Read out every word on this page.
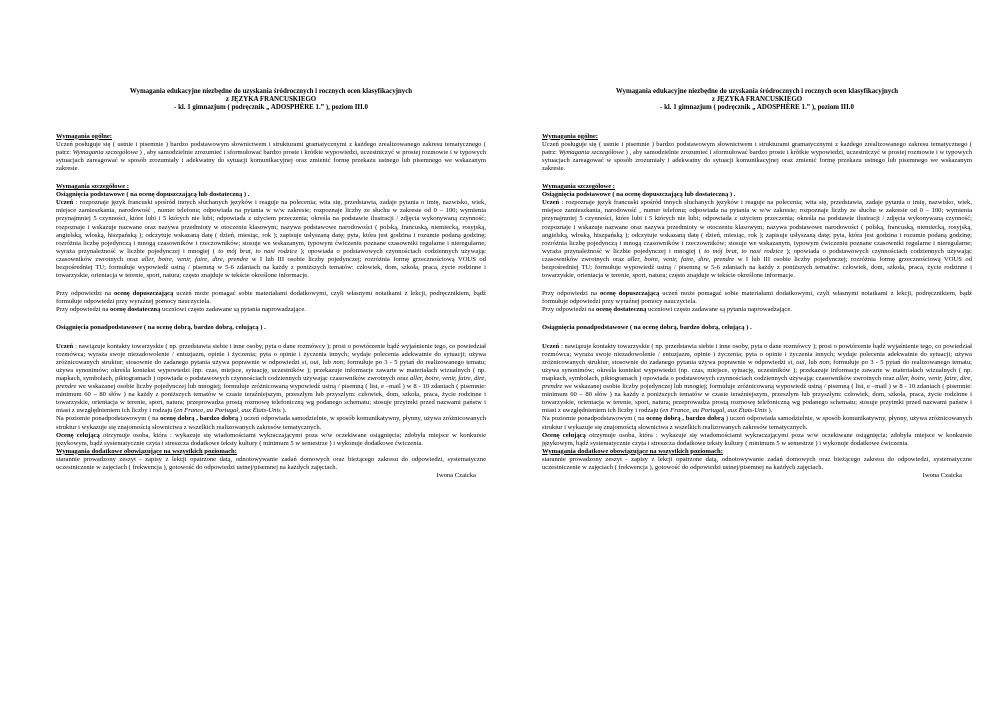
Wymagania edukacyjne niezbędne do uzyskania śródrocznych i rocznych ocen klasyfikacyjnych
z JĘZYKA FRANCUSKIEGO
- kl. 1 gimnazjum ( podręcznik „ ADOSPHÈRE 1.” ), poziom III.0
Wymagania ogólne:

Uczeń posługuje się ( ustnie i pisemnie ) bardzo podstawowym słownictwem i strukturami gramatycznymi z każdego zrealizowanego zakresu tematycznego ( patrz: Wymagania szczegółowe ) , aby samodzielnie zrozumieć i sformułować bardzo proste i krótkie wypowiedzi, uczestniczyć w prostej rozmowie i w typowych sytuacjach zareagować w sposób zrozumiały i adekwatny do sytuacji komunikacyjnej oraz zmienić formę przekazu ustnego lub pisemnego we wskazanym zakresie.

Wymagania szczegółowe :
Osiągnięcia podstawowe ( na ocenę dopuszczającą lub dostateczną ) .

Uczeń : rozpoznaje język francuski spośród innych słuchanych języków i reaguje na polecenia; wita się, przedstawia, zadaje pytania o imię, nazwisko, wiek, miejsce zamieszkania, narodowość , numer telefonu; odpowiada na pytania w w/w zakresie; rozpoznaje liczby ze słuchu w zakresie od 0 – 100; wymienia przynajmniej 5 czynności, które lubi i 5 których nie lubi; odpowiada z użyciem przeczenia; określa na podstawie ilustracji / zdjęcia wykonywaną czynność; rozpoznaje i wskazuje nazwane oraz nazywa przedmioty w otoczeniu klasowym; nazywa podstawowe narodowości ( polską, francuską, niemiecką, rosyjską, angielską, włoską, hiszpańską ); odczytuje wskazaną datę ( dzień, miesiąc, rok ); zapisuje usłyszaną datę; pyta, która jest godzina i rozumie podaną godzinę; rozróżnia liczbę pojedynczą i mnogą czasowników i rzeczowników; stosuje we wskazanym, typowym ćwiczeniu poznane czasowniki regularne i nieregularne; wyraża przynależność w liczbie pojedynczej i mnogiej ( to mój brat, to nasi rodzice ); opowiada o podstawowych czynnościach codziennych używając czasowników zwrotnych oraz aller, boire, venir, faire, dire, prendre w I lub III osobie liczby pojedynczej; rozróżnia formę grzecznościową VOUS od bezpośredniej TU; formułuje wypowiedź ustną / pisemną w 5-6 zdaniach na każdy z poniższych tematów: człowiek, dom, szkoła, praca, życie rodzinne i towarzyskie, orientacja w terenie, sport, natura; często znajduje w tekście określone informacje.

Przy odpowiedzi na ocenę dopuszczającą uczeń może pomagać sobie materiałami dodatkowymi, czyli własnymi notatkami z lekcji, podręcznikiem, bądź formułuje odpowiedzi przy wyraźnej pomocy nauczyciela.

Przy odpowiedzi na ocenę dostateczną uczniowi często zadawane są pytania naprowadzające.

Osiągnięcia ponadpodstawowe ( na ocenę dobrą, bardzo dobrą, celującą ) .

Uczeń : nawiązuje kontakty towarzyskie ( np. przedstawia siebie i inne osoby, pyta o dane rozmówcy ); prosi o powtórzenie bądź wyjaśnienie tego, co powiedział rozmówca; wyraża swoje niezadowolenie / entuzjazm, opinie i życzenia; pyta o opinie i życzenia innych; wydaje polecenia adekwatnie do sytuacji; używa zróżnicowanych struktur; stosownie do zadanego pytania używa poprawnie w odpowiedzi si, oui, lub non; formułuje po 3 - 5 pytań do realizowanego tematu; używa synonimów; określa kontekst wypowiedzi (np. czas, miejsce, sytuację, uczestników ); przekazuje informacje zawarte w materiałach wizualnych ( np. mapkach, symbolach, piktogramach ) opowiada o podstawowych czynnościach codziennych używając czasowników zwrotnych oraz aller, boire, venir, faire, dire, prendre we wskazanej osobie liczby pojedynczej lub mnogiej; formułuje zróżnicowaną wypowiedź ustną / pisemną ( list, e –mail ) w 8 - 10 zdaniach ( pisemnie: minimum 60 – 80 słów ) na każdy z poniższych tematów w czasie teraźniejszym, przeszłym lub przyszłym: człowiek, dom, szkoła, praca, życie rodzinne i towarzyskie, orientacja w terenie, sport, natura; przeprowadza prostą rozmowę telefoniczną wg podanego schematu; stosuje przyimki przed nazwami państw i miast z uwzględnieniem ich liczby i rodzaju (en France, au Portugal, aux États-Unis ).

Na poziomie ponadpodstawowym ( na ocenę dobrą , bardzo dobrą ) uczeń odpowiada samodzielnie, w sposób komunikatywny, płynny, używa zróżnicowanych struktur i wykazuje się znajomością słownictwa z wszelkich realizowanych zakresów tematycznych.

Ocenę celującą otrzymuje osoba, która : wykazuje się wiadomościami wykraczającymi poza w/w oczekiwane osiągnięcia; zdobyła miejsce w konkursie językowym, bądź systematycznie czyta i streszcza dodatkowe teksty kultury ( minimum 5 w semestrze ) i wykonuje dodatkowe ćwiczenia.

Wymagania dodatkowe obowiązujące na wszystkich poziomach:

starannie prowadzony zeszyt - zapisy z lekcji opatrzone datą, odnotowywanie zadań domowych oraz bieżącego zakresu do odpowiedzi, systematyczne uczestniczenie w zajęciach ( frekwencja ), gotowość do odpowiedzi ustnej/pisemnej na każdych zajęciach.

Iwona Czaicka
Wymagania edukacyjne niezbędne do uzyskania śródrocznych i rocznych ocen klasyfikacyjnych
z JĘZYKA FRANCUSKIEGO
- kl. 1 gimnazjum ( podręcznik „ ADOSPHÈRE 1.” ), poziom III.0
Wymagania ogólne:

Uczeń posługuje się ( ustnie i pisemnie ) bardzo podstawowym słownictwem i strukturami gramatycznymi z każdego zrealizowanego zakresu tematycznego ( patrz: Wymagania szczegółowe ) , aby samodzielnie zrozumieć i sformułować bardzo proste i krótkie wypowiedzi, uczestniczyć w prostej rozmowie i w typowych sytuacjach zareagować w sposób zrozumiały i adekwatny do sytuacji komunikacyjnej oraz zmienić formę przekazu ustnego lub pisemnego we wskazanym zakresie.

Wymagania szczegółowe :
Osiągnięcia podstawowe ( na ocenę dopuszczającą lub dostateczną ) .

Uczeń : rozpoznaje język francuski spośród innych słuchanych języków i reaguje na polecenia; wita się, przedstawia, zadaje pytania o imię, nazwisko, wiek, miejsce zamieszkania, narodowość , numer telefonu; odpowiada na pytania w w/w zakresie; rozpoznaje liczby ze słuchu w zakresie od 0 – 100; wymienia przynajmniej 5 czynności, które lubi i 5 których nie lubi; odpowiada z użyciem przeczenia; określa na podstawie ilustracji / zdjęcia wykonywaną czynność; rozpoznaje i wskazuje nazwane oraz nazywa przedmioty w otoczeniu klasowym; nazywa podstawowe narodowości ( polską, francuską, niemiecką, rosyjską, angielską, włoską, hiszpańską ); odczytuje wskazaną datę ( dzień, miesiąc, rok ); zapisuje usłyszaną datę; pyta, która jest godzina i rozumie podaną godzinę; rozróżnia liczbę pojedynczą i mnogą czasowników i rzeczowników; stosuje we wskazanym, typowym ćwiczeniu poznane czasowniki regularne i nieregularne; wyraża przynależność w liczbie pojedynczej i mnogiej ( to mój brat, to nasi rodzice ); opowiada o podstawowych czynnościach codziennych używając czasowników zwrotnych oraz aller, boire, venir, faire, dire, prendre w I lub III osobie liczby pojedynczej; rozróżnia formę grzecznościową VOUS od bezpośredniej TU; formułuje wypowiedź ustną / pisemną w 5-6 zdaniach na każdy z poniższych tematów: człowiek, dom, szkoła, praca, życie rodzinne i towarzyskie, orientacja w terenie, sport, natura; często znajduje w tekście określone informacje.

Przy odpowiedzi na ocenę dopuszczającą uczeń może pomagać sobie materiałami dodatkowymi, czyli własnymi notatkami z lekcji, podręcznikiem, bądź formułuje odpowiedzi przy wyraźnej pomocy nauczyciela.

Przy odpowiedzi na ocenę dostateczną uczniowi często zadawane są pytania naprowadzające.

Osiągnięcia ponadpodstawowe ( na ocenę dobrą, bardzo dobrą, celującą ) .

Uczeń : nawiązuje kontakty towarzyskie ( np. przedstawia siebie i inne osoby, pyta o dane rozmówcy ); prosi o powtórzenie bądź wyjaśnienie tego, co powiedział rozmówca; wyraża swoje niezadowolenie / entuzjazm, opinie i życzenia; pyta o opinie i życzenia innych; wydaje polecenia adekwatnie do sytuacji; używa zróżnicowanych struktur; stosownie do zadanego pytania używa poprawnie w odpowiedzi si, oui, lub non; formułuje po 3 - 5 pytań do realizowanego tematu; używa synonimów; określa kontekst wypowiedzi (np. czas, miejsce, sytuację, uczestników ); przekazuje informacje zawarte w materiałach wizualnych ( np. mapkach, symbolach, piktogramach ) opowiada o podstawowych czynnościach codziennych używając czasowników zwrotnych oraz aller, boire, venir, faire, dire, prendre we wskazanej osobie liczby pojedynczej lub mnogiej; formułuje zróżnicowaną wypowiedź ustną / pisemną ( list, e –mail ) w 8 - 10 zdaniach ( pisemnie: minimum 60 – 80 słów ) na każdy z poniższych tematów w czasie teraźniejszym, przeszłym lub przyszłym: człowiek, dom, szkoła, praca, życie rodzinne i towarzyskie, orientacja w terenie, sport, natura; przeprowadza prostą rozmowę telefoniczną wg podanego schematu; stosuje przyimki przed nazwami państw i miast z uwzględnieniem ich liczby i rodzaju (en France, au Portugal, aux États-Unis ).

Na poziomie ponadpodstawowym ( na ocenę dobrą , bardzo dobrą ) uczeń odpowiada samodzielnie, w sposób komunikatywny, płynny, używa zróżnicowanych struktur i wykazuje się znajomością słownictwa z wszelkich realizowanych zakresów tematycznych.

Ocenę celującą otrzymuje osoba, która : wykazuje się wiadomościami wykraczającymi poza w/w oczekiwane osiągnięcia; zdobyła miejsce w konkursie językowym, bądź systematycznie czyta i streszcza dodatkowe teksty kultury ( minimum 5 w semestrze ) i wykonuje dodatkowe ćwiczenia.

Wymagania dodatkowe obowiązujące na wszystkich poziomach:

starannie prowadzony zeszyt - zapisy z lekcji opatrzone datą, odnotowywanie zadań domowych oraz bieżącego zakresu do odpowiedzi, systematyczne uczestniczenie w zajęciach ( frekwencja ), gotowość do odpowiedzi ustnej/pisemnej na każdych zajęciach.

Iwona Czaicka
